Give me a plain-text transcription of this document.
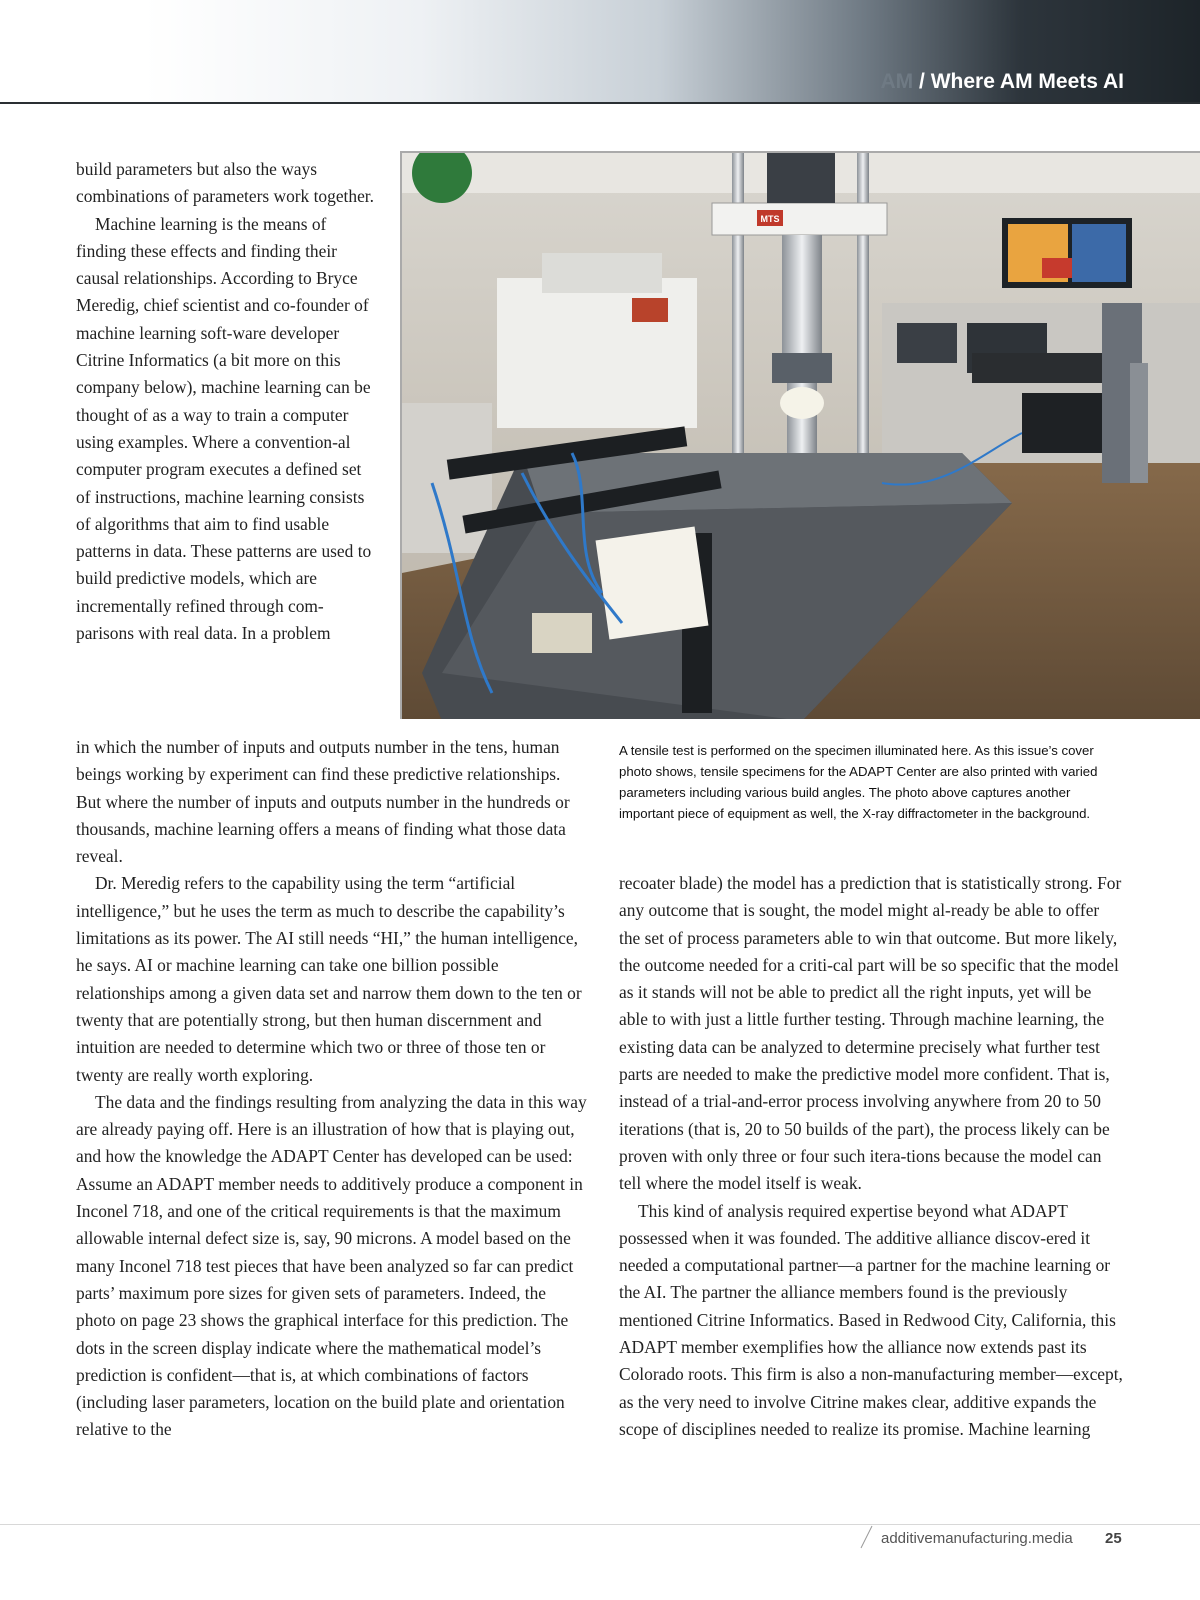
AM / Where AM Meets AI

build parameters but also the ways combinations of parameters work together.

Machine learning is the means of finding these effects and finding their causal relationships. According to Bryce Meredig, chief scientist and co-founder of machine learning soft-ware developer Citrine Informatics (a bit more on this company below), machine learning can be thought of as a way to train a computer using examples. Where a convention-al computer program executes a defined set of instructions, machine learning consists of algorithms that aim to find usable patterns in data. These patterns are used to build predictive models, which are incrementally refined through com-parisons with real data. In a problem

MTS

A tensile test is performed on the specimen illuminated here. As this issue’s cover photo shows, tensile specimens for the ADAPT Center are also printed with varied parameters including various build angles. The photo above captures another important piece of equipment as well, the X-ray diffractometer in the background.

in which the number of inputs and outputs number in the tens, human beings working by experiment can find these predictive relationships. But where the number of inputs and outputs number in the hundreds or thousands, machine learning offers a means of finding what those data reveal.

Dr. Meredig refers to the capability using the term “artificial intelligence,” but he uses the term as much to describe the capability’s limitations as its power. The AI still needs “HI,” the human intelligence, he says. AI or machine learning can take one billion possible relationships among a given data set and narrow them down to the ten or twenty that are potentially strong, but then human discernment and intuition are needed to determine which two or three of those ten or twenty are really worth exploring.

The data and the findings resulting from analyzing the data in this way are already paying off. Here is an illustration of how that is playing out, and how the knowledge the ADAPT Center has developed can be used: Assume an ADAPT member needs to additively produce a component in Inconel 718, and one of the critical requirements is that the maximum allowable internal defect size is, say, 90 microns. A model based on the many Inconel 718 test pieces that have been analyzed so far can predict parts’ maximum pore sizes for given sets of parameters. Indeed, the photo on page 23 shows the graphical interface for this prediction. The dots in the screen display indicate where the mathematical model’s prediction is confident—that is, at which combinations of factors (including laser parameters, location on the build plate and orientation relative to the

recoater blade) the model has a prediction that is statistically strong. For any outcome that is sought, the model might al-ready be able to offer the set of process parameters able to win that outcome. But more likely, the outcome needed for a criti-cal part will be so specific that the model as it stands will not be able to predict all the right inputs, yet will be able to with just a little further testing. Through machine learning, the existing data can be analyzed to determine precisely what further test parts are needed to make the predictive model more confident. That is, instead of a trial-and-error process involving anywhere from 20 to 50 iterations (that is, 20 to 50 builds of the part), the process likely can be proven with only three or four such itera-tions because the model can tell where the model itself is weak.

This kind of analysis required expertise beyond what ADAPT possessed when it was founded. The additive alliance discov-ered it needed a computational partner—a partner for the machine learning or the AI. The partner the alliance members found is the previously mentioned Citrine Informatics. Based in Redwood City, California, this ADAPT member exemplifies how the alliance now extends past its Colorado roots. This firm is also a non-manufacturing member—except, as the very need to involve Citrine makes clear, additive expands the scope of disciplines needed to realize its promise. Machine learning

additivemanufacturing.media 25
